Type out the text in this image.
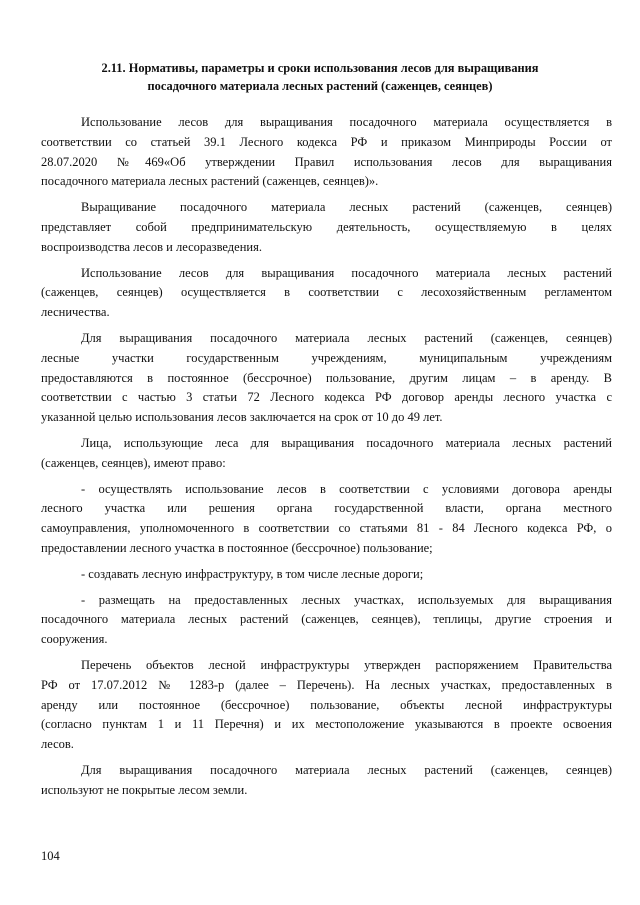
2.11. Нормативы, параметры и сроки использования лесов для выращивания
посадочного материала лесных растений (саженцев, сеянцев)
Использование лесов для выращивания посадочного материала осуществляется в
соответствии со статьей 39.1 Лесного кодекса РФ и приказом Минприроды России от
28.07.2020 №469«Об утверждении Правил использования лесов для выращивания
посадочного материала лесных растений (саженцев, сеянцев)».
Выращивание посадочного материала лесных растений (саженцев, сеянцев)
представляет собой предпринимательскую деятельность, осуществляемую в целях
воспроизводства лесов и лесоразведения.
Использование лесов для выращивания посадочного материала лесных растений
(саженцев, сеянцев) осуществляется в соответствии с лесохозяйственным регламентом
лесничества.
Для выращивания посадочного материала лесных растений (саженцев, сеянцев)
лесные участки государственным учреждениям, муниципальным учреждениям
предоставляются в постоянное (бессрочное) пользование, другим лицам – в аренду. В
соответствии с частью 3 статьи 72 Лесного кодекса РФ договор аренды лесного участка с
указанной целью использования лесов заключается на срок от 10 до 49 лет.
Лица, использующие леса для выращивания посадочного материала лесных растений
(саженцев, сеянцев), имеют право:
- осуществлять использование лесов в соответствии с условиями договора аренды
лесного участка или решения органа государственной власти, органа местного
самоуправления, уполномоченного в соответствии со статьями 81 - 84 Лесного кодекса РФ, о
предоставлении лесного участка в постоянное (бессрочное) пользование;
- создавать лесную инфраструктуру, в том числе лесные дороги;
- размещать на предоставленных лесных участках, используемых для выращивания
посадочного материала лесных растений (саженцев, сеянцев), теплицы, другие строения и
сооружения.
Перечень объектов лесной инфраструктуры утвержден распоряжением Правительства
РФ от 17.07.2012 № 1283-р (далее – Перечень). На лесных участках, предоставленных в
аренду или постоянное (бессрочное) пользование, объекты лесной инфраструктуры
(согласно пунктам 1 и 11 Перечня) и их местоположение указываются в проекте освоения
лесов.
Для выращивания посадочного материала лесных растений (саженцев, сеянцев)
используют не покрытые лесом земли.
104
